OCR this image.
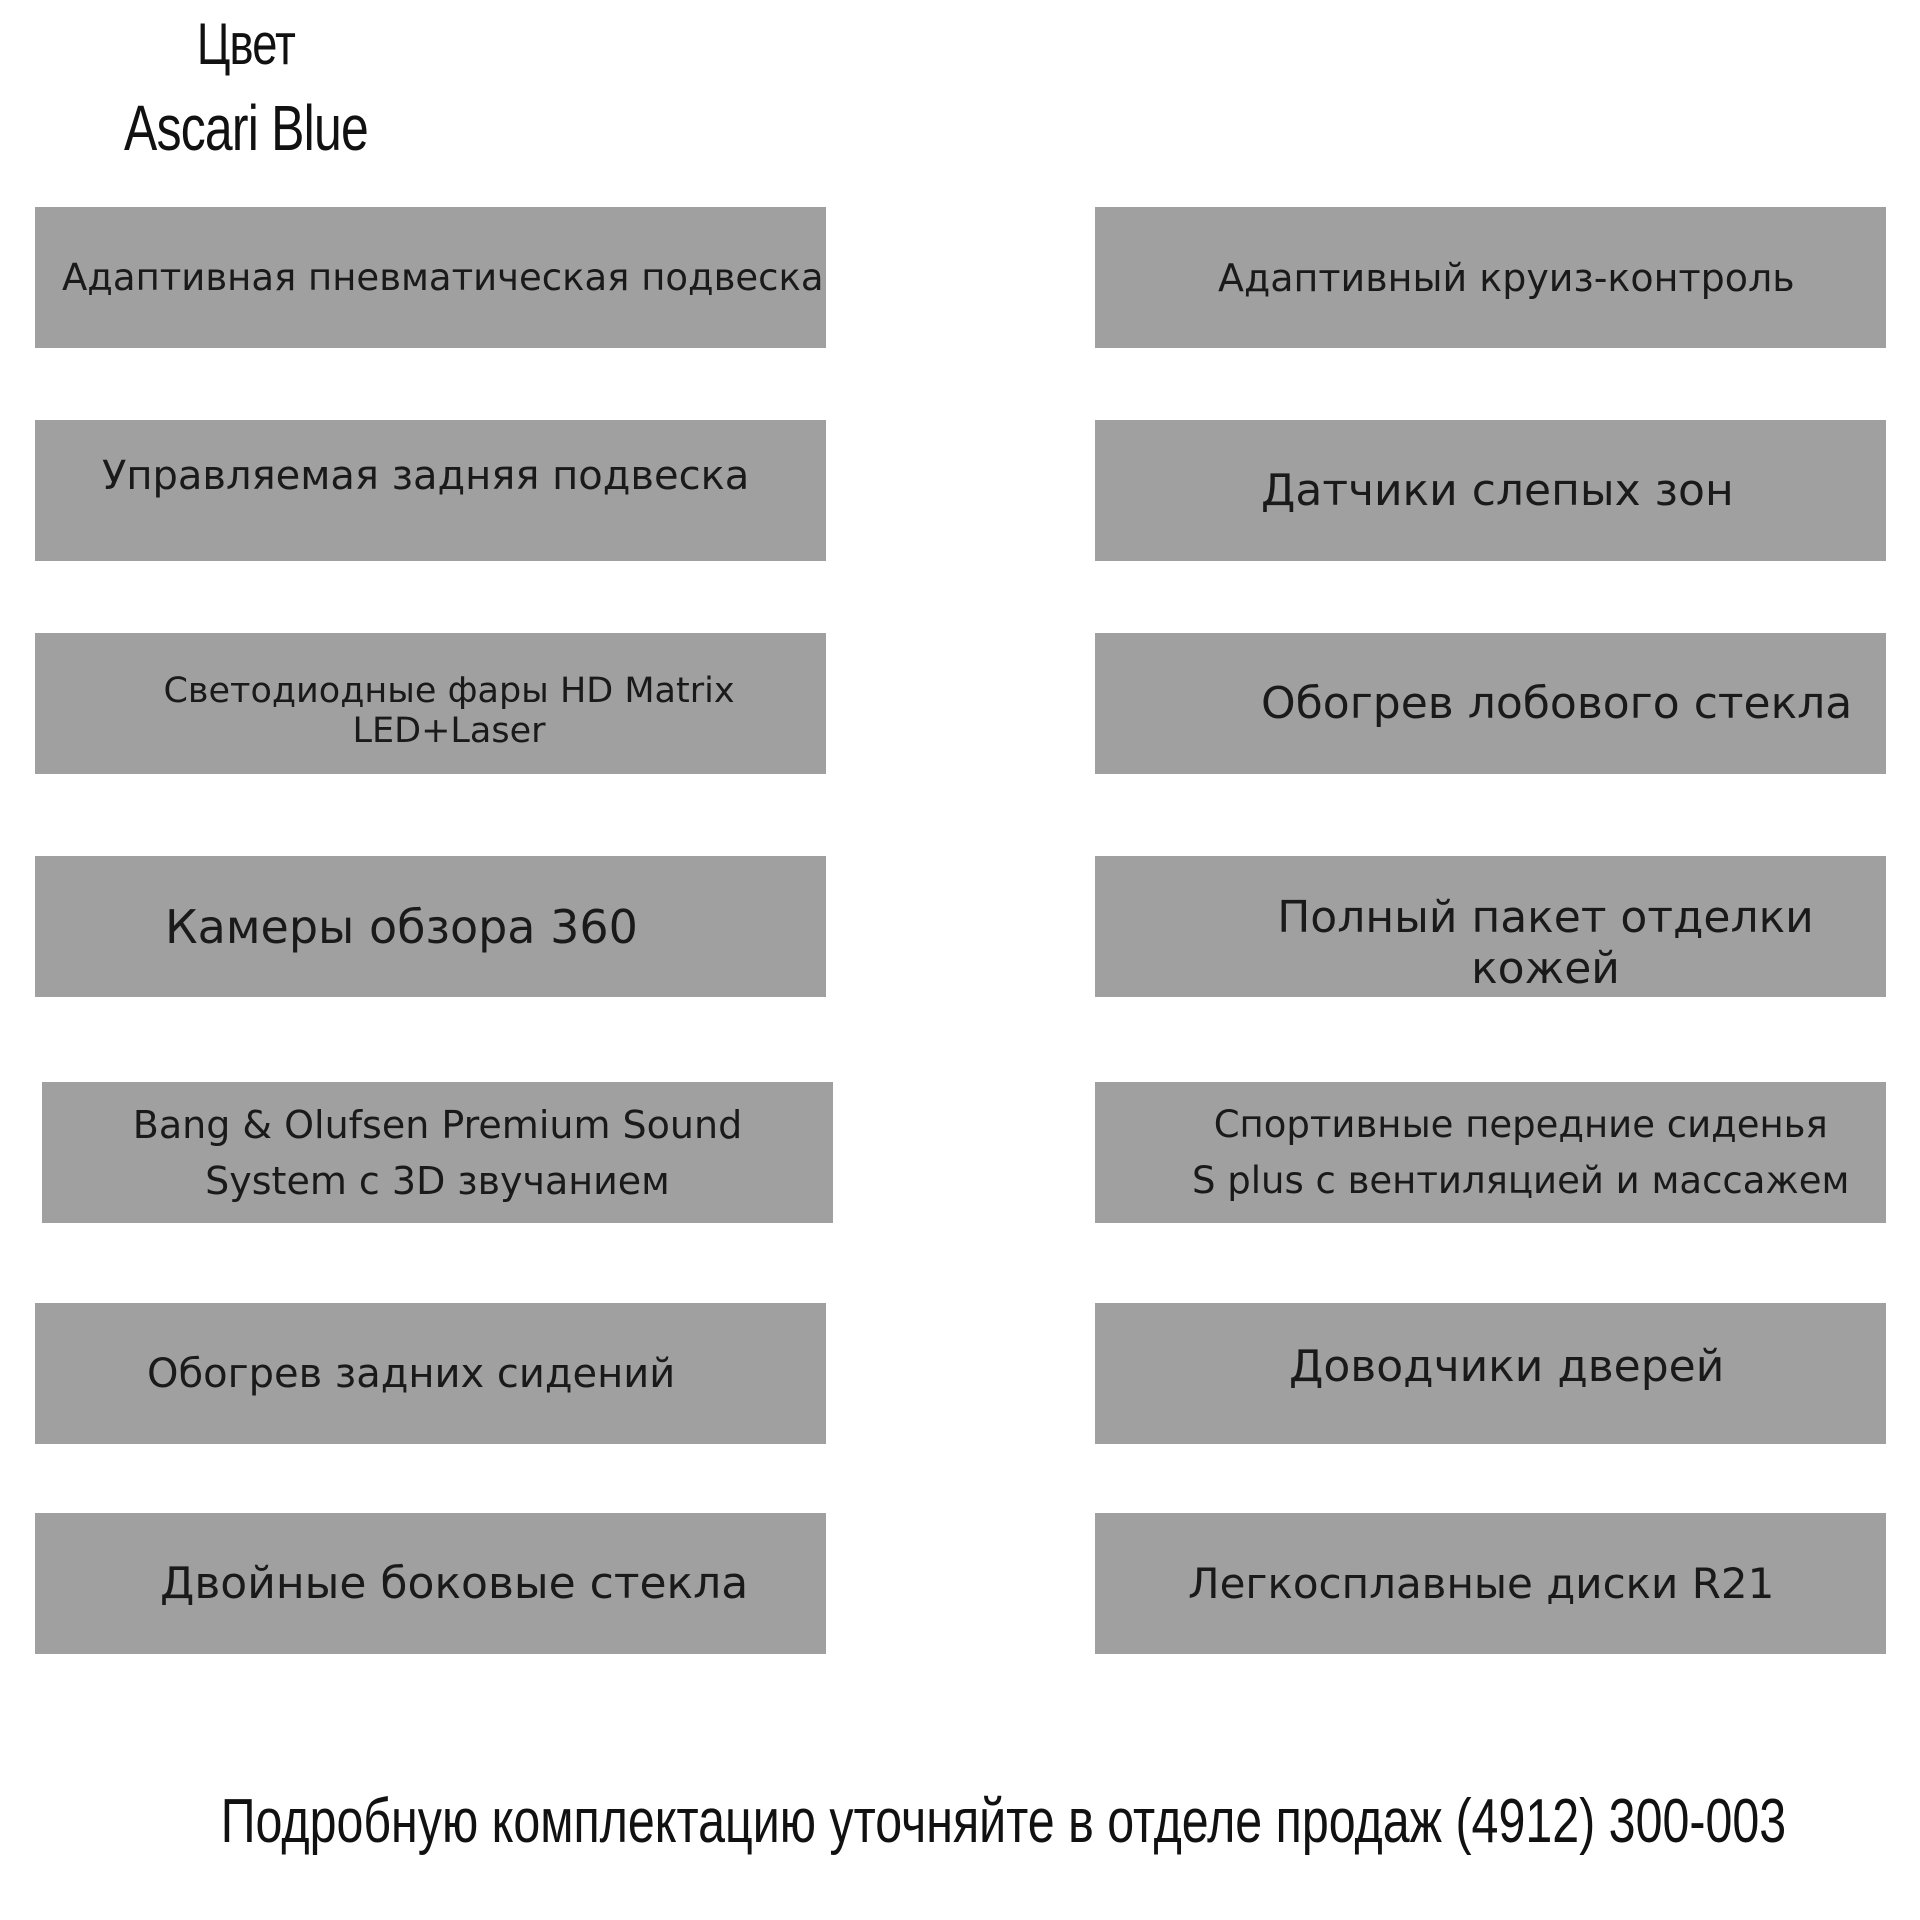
Цвет
Ascari Blue
Адаптивная пневматическая подвеска	Адаптивный круиз-контроль
Управляемая задняя подвеска	Датчики слепых зон
Светодиодные фары HD Matrix LED+Laser
Обогрев лобового стекла
Камеры обзора 360	Полный пакет отделки кожей
Bang & Olufsen Premium Sound
System с 3D звучанием
Спортивные передние сиденья
S plus с вентиляцией и массажем
Обогрев задних сидений	Доводчики дверей
Двойные боковые стекла	Легкосплавные диски R21
Подробную комплектацию уточняйте в отделе продаж (4912) 300-003
